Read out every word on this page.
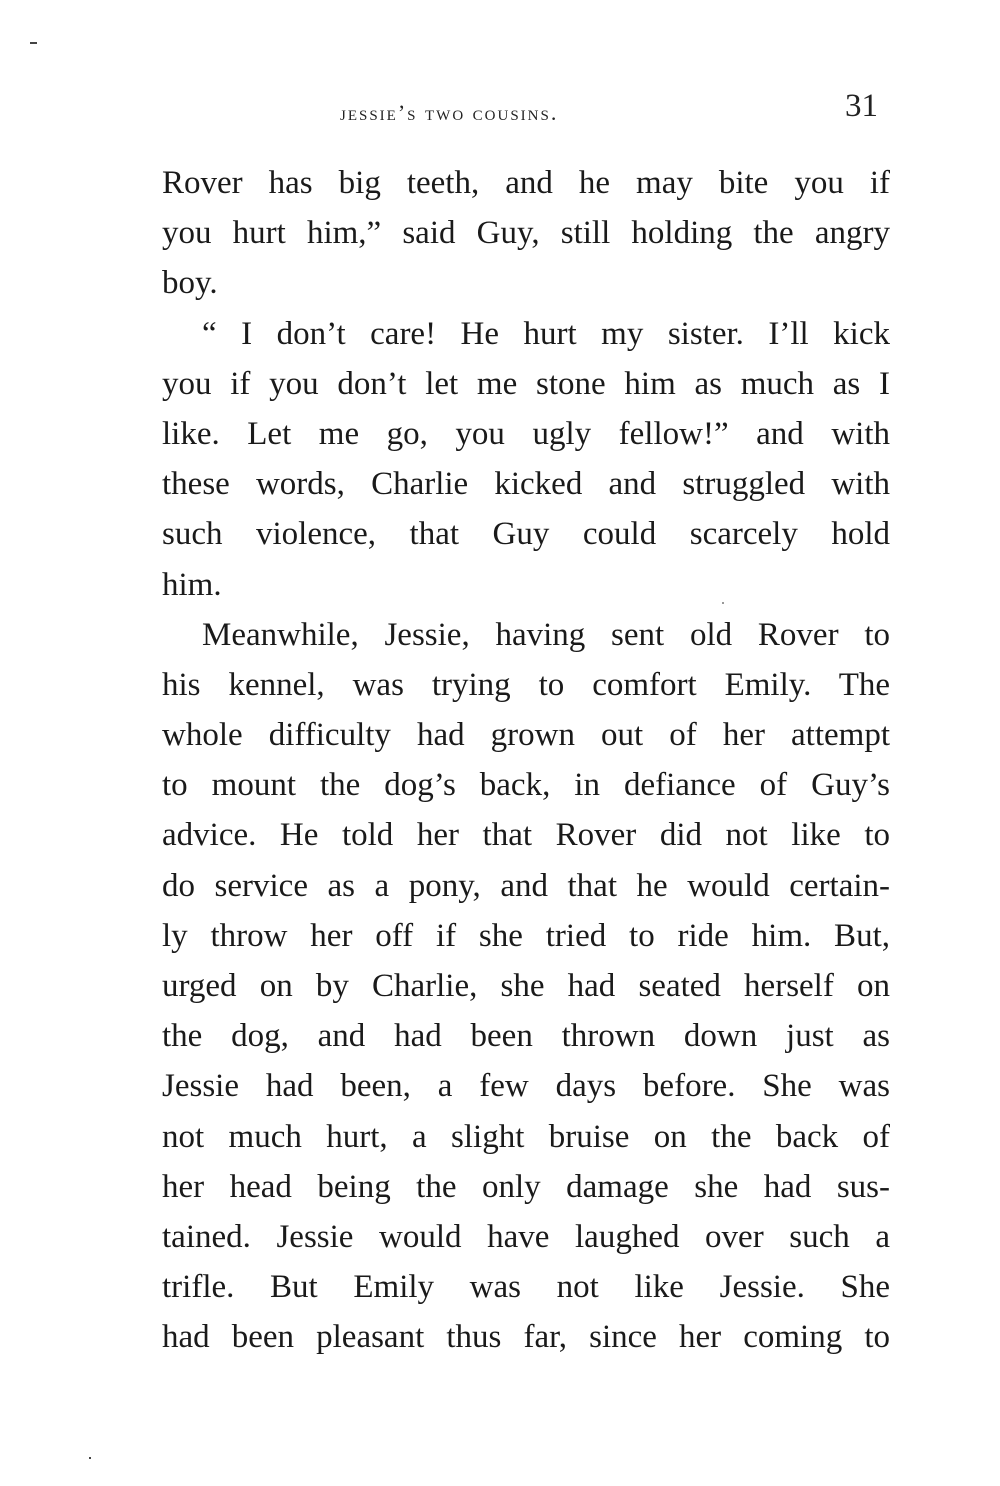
jessie’s two cousins.	31
Rover has big teeth, and he may bite you if
you hurt him,” said Guy, still holding the angry
boy.
“ I don’t care! He hurt my sister. I’ll kick
you if you don’t let me stone him as much as I
like. Let me go, you ugly fellow!” and with
these words, Charlie kicked and struggled with
such violence, that Guy could scarcely hold
him.
Meanwhile, Jessie, having sent old Rover to
his kennel, was trying to comfort Emily. The
whole difficulty had grown out of her attempt
to mount the dog’s back, in defiance of Guy’s
advice. He told her that Rover did not like to
do service as a pony, and that he would certain-
ly throw her off if she tried to ride him. But,
urged on by Charlie, she had seated herself on
the dog, and had been thrown down just as
Jessie had been, a few days before. She was
not much hurt, a slight bruise on the back of
her head being the only damage she had sus-
tained. Jessie would have laughed over such a
trifle. But Emily was not like Jessie. She
had been pleasant thus far, since her coming to
